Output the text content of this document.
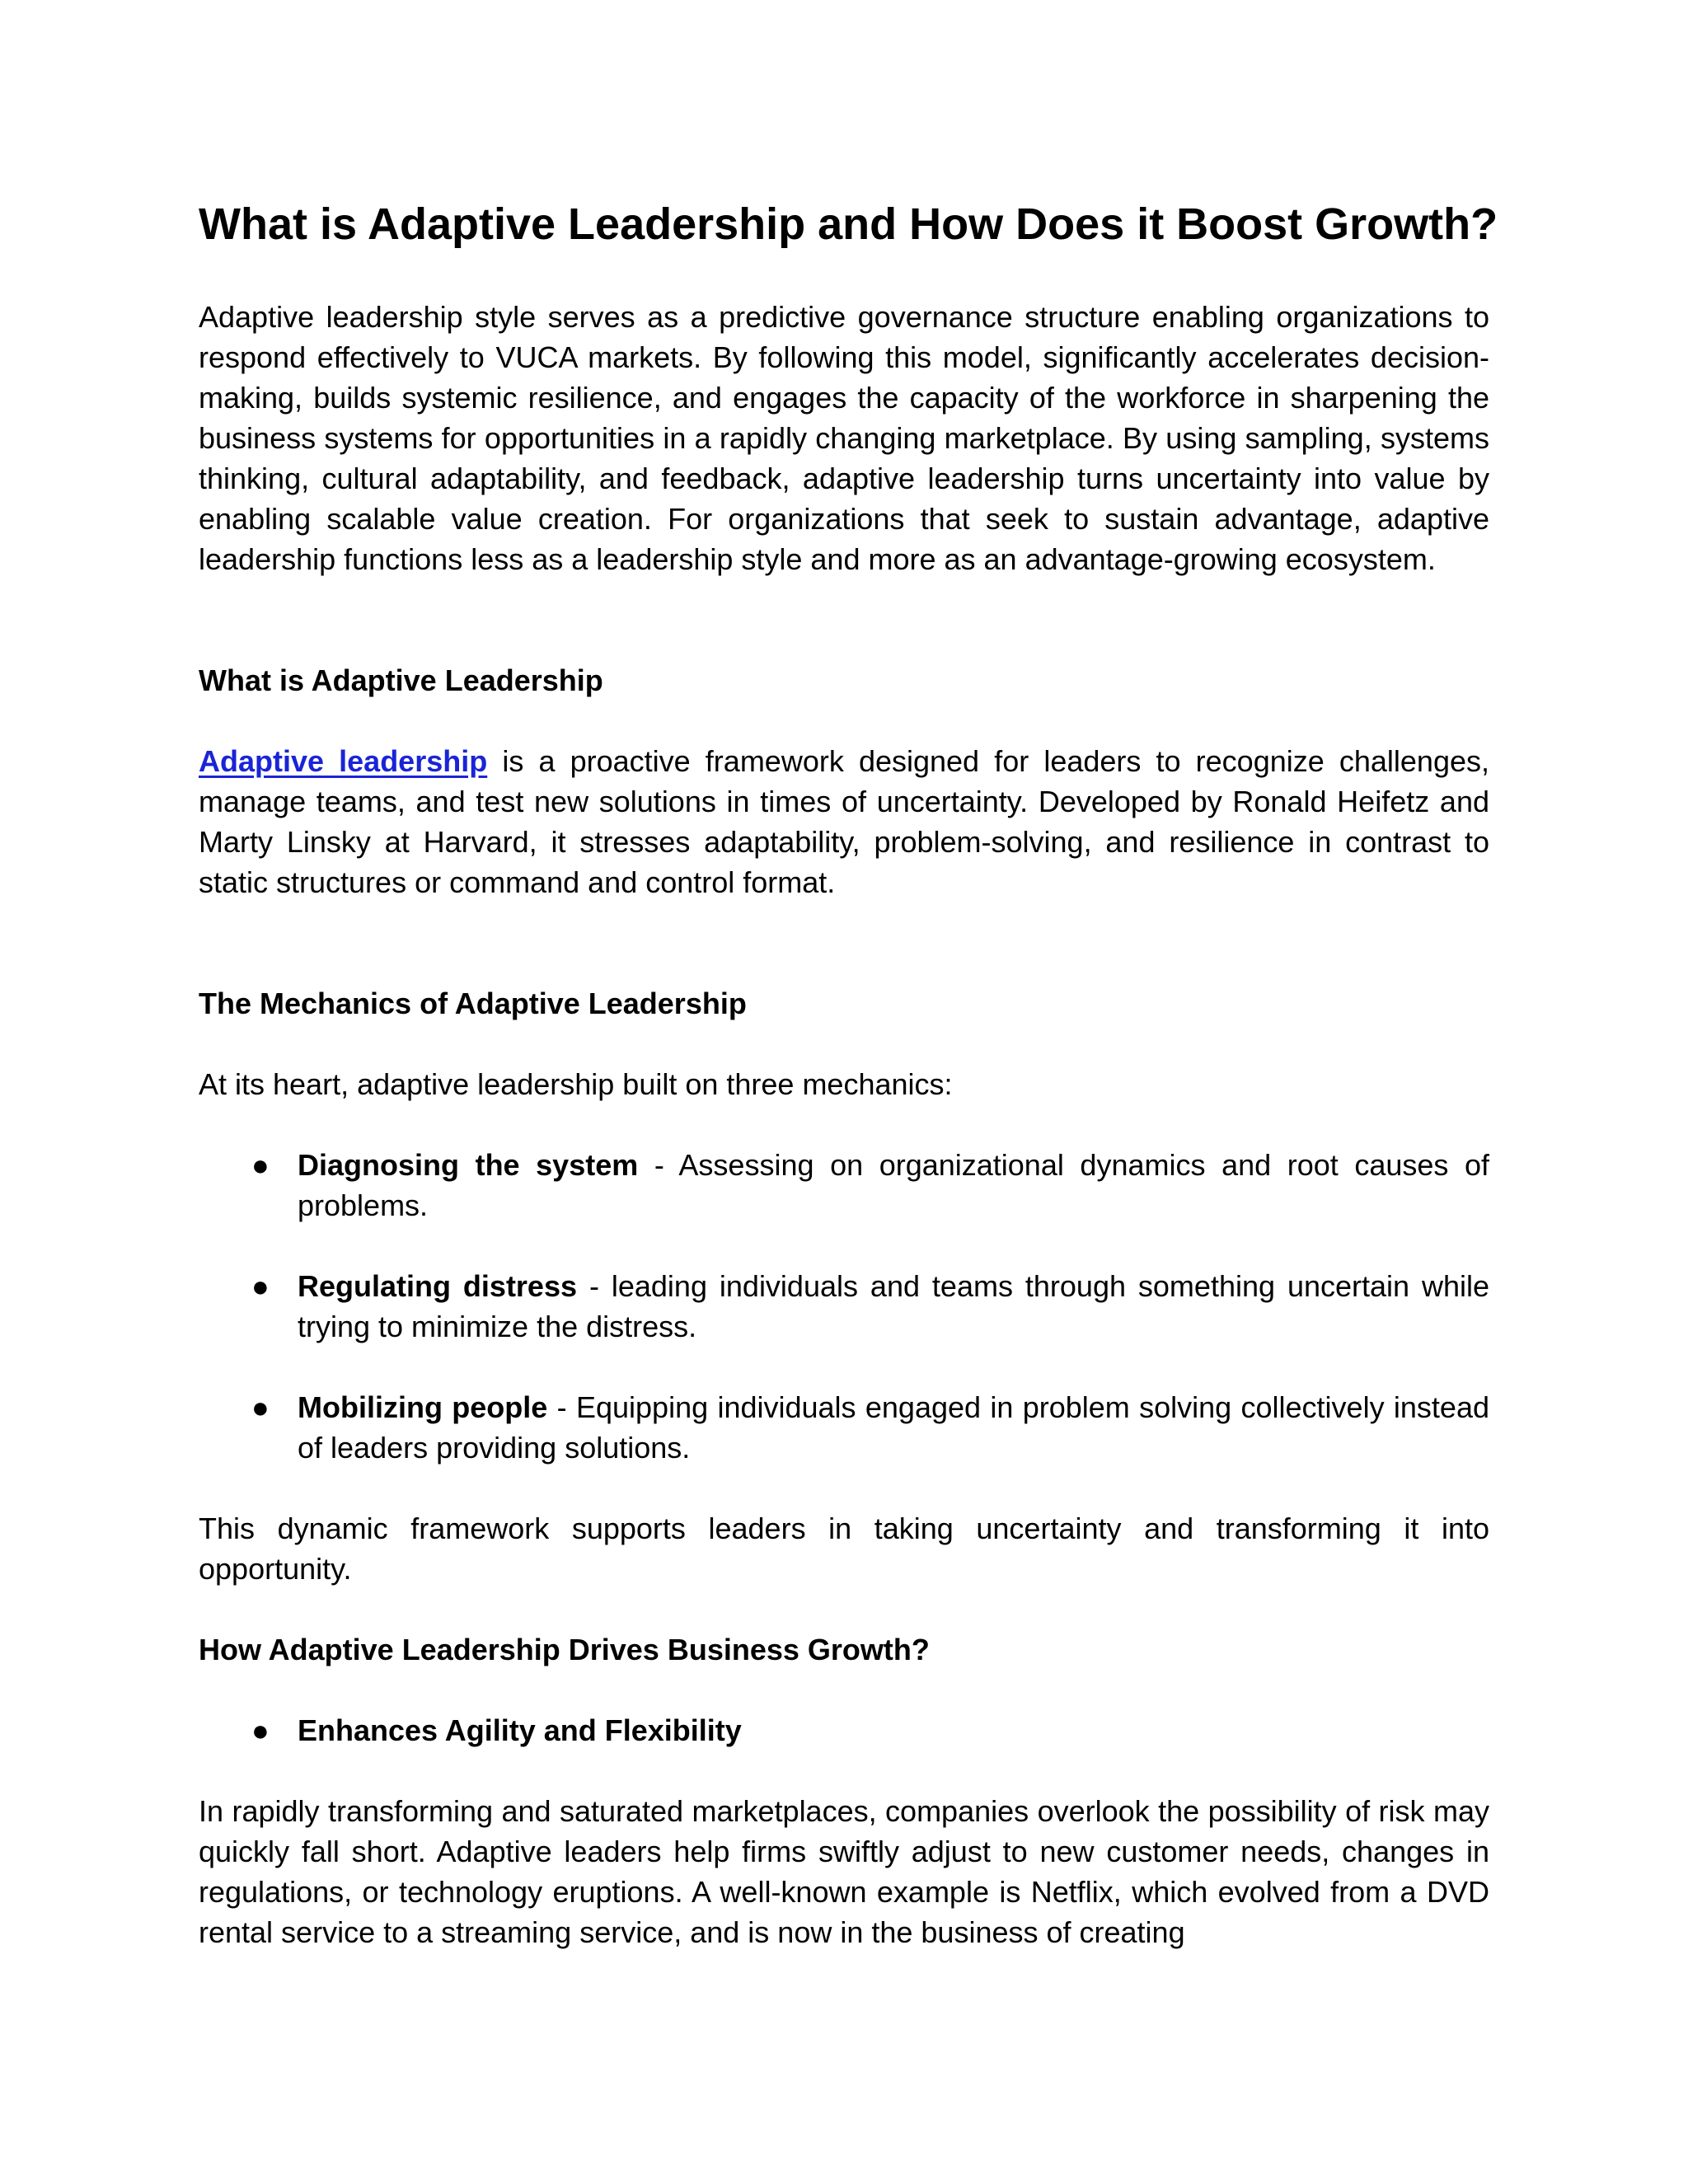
What is Adaptive Leadership and How Does it Boost Growth?

Adaptive leadership style serves as a predictive governance structure enabling organizations to respond effectively to VUCA markets. By following this model, significantly accelerates decision-making, builds systemic resilience, and engages the capacity of the workforce in sharpening the business systems for opportunities in a rapidly changing marketplace. By using sampling, systems thinking, cultural adaptability, and feedback, adaptive leadership turns uncertainty into value by enabling scalable value creation. For organizations that seek to sustain advantage, adaptive leadership functions less as a leadership style and more as an advantage-growing ecosystem.

What is Adaptive Leadership

Adaptive leadership is a proactive framework designed for leaders to recognize challenges, manage teams, and test new solutions in times of uncertainty. Developed by Ronald Heifetz and Marty Linsky at Harvard, it stresses adaptability, problem-solving, and resilience in contrast to static structures or command and control format.

The Mechanics of Adaptive Leadership

At its heart, adaptive leadership built on three mechanics:

● Diagnosing the system - Assessing on organizational dynamics and root causes of problems.
● Regulating distress - leading individuals and teams through something uncertain while trying to minimize the distress.
● Mobilizing people - Equipping individuals engaged in problem solving collectively instead of leaders providing solutions.

This dynamic framework supports leaders in taking uncertainty and transforming it into opportunity.

How Adaptive Leadership Drives Business Growth?
● Enhances Agility and Flexibility

In rapidly transforming and saturated marketplaces, companies overlook the possibility of risk may quickly fall short. Adaptive leaders help firms swiftly adjust to new customer needs, changes in regulations, or technology eruptions. A well-known example is Netflix, which evolved from a DVD rental service to a streaming service, and is now in the business of creating
